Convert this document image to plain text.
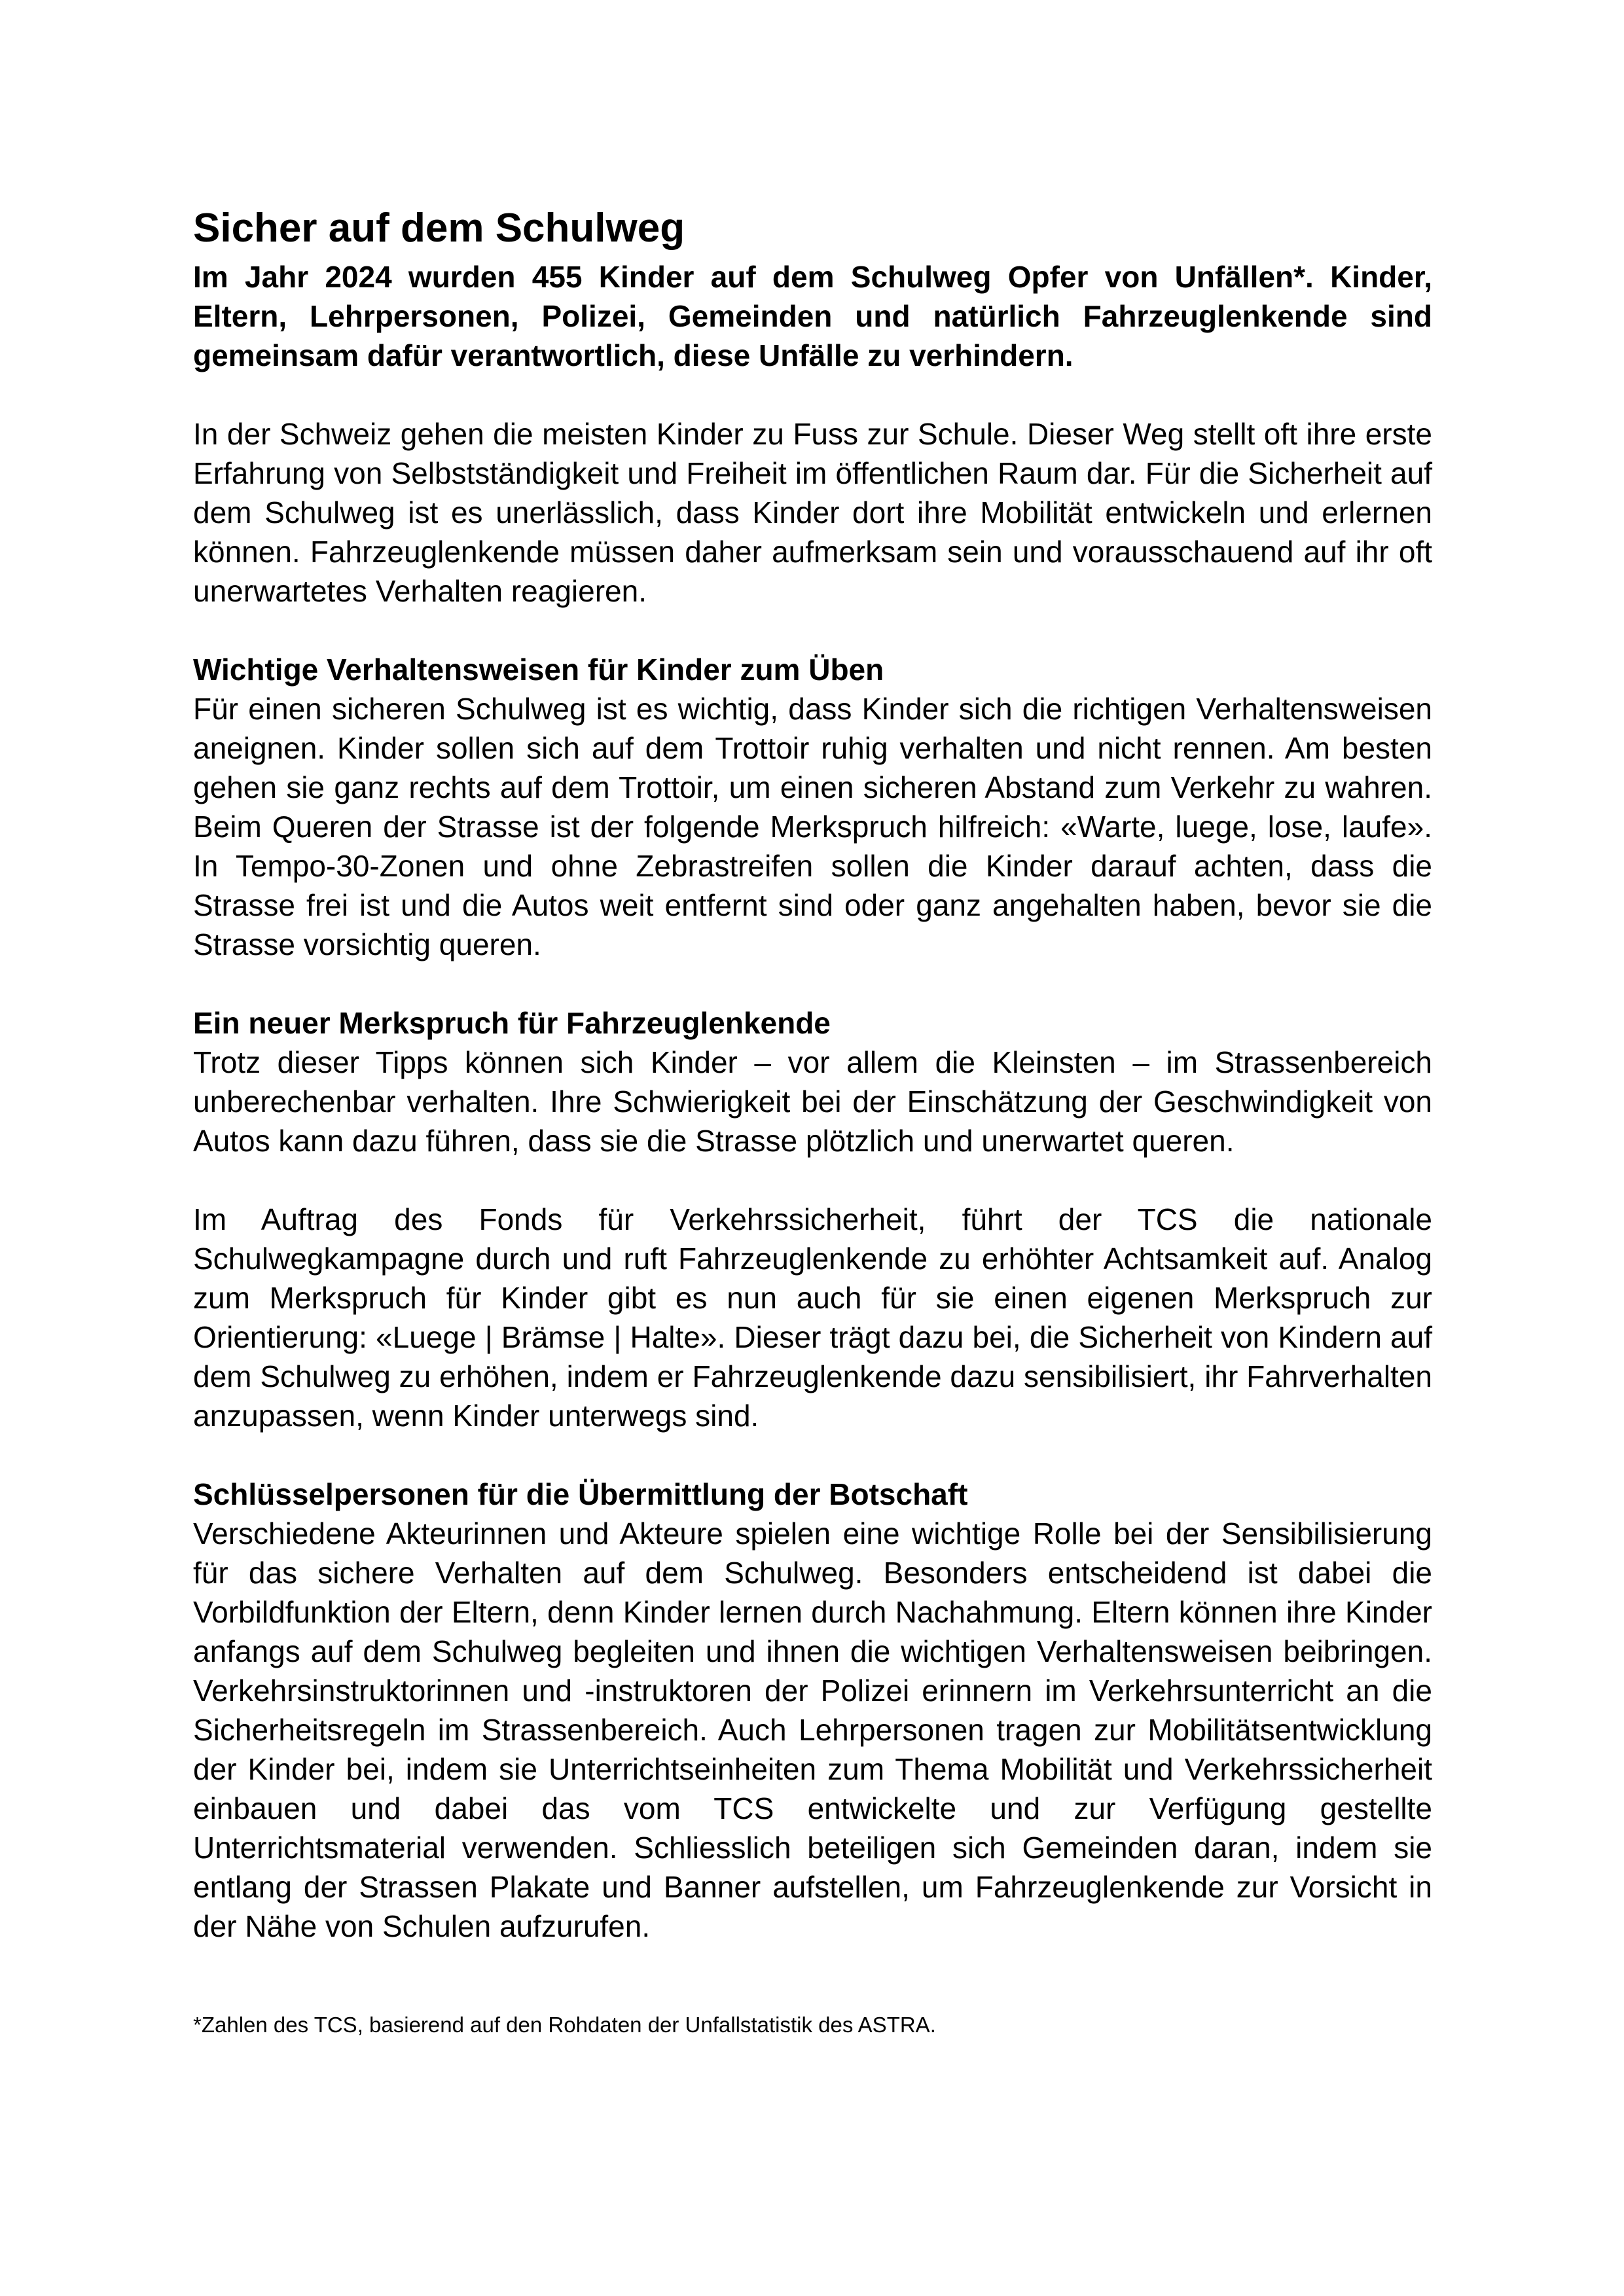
Sicher auf dem Schulweg

Im Jahr 2024 wurden 455 Kinder auf dem Schulweg Opfer von Unfällen*. Kinder, Eltern, Lehrpersonen, Polizei, Gemeinden und natürlich Fahrzeuglenkende sind gemeinsam dafür verantwortlich, diese Unfälle zu verhindern.

In der Schweiz gehen die meisten Kinder zu Fuss zur Schule. Dieser Weg stellt oft ihre erste Erfahrung von Selbstständigkeit und Freiheit im öffentlichen Raum dar. Für die Sicherheit auf dem Schulweg ist es unerlässlich, dass Kinder dort ihre Mobilität entwickeln und erlernen können. Fahrzeuglenkende müssen daher aufmerksam sein und vorausschauend auf ihr oft unerwartetes Verhalten reagieren.

Wichtige Verhaltensweisen für Kinder zum Üben

Für einen sicheren Schulweg ist es wichtig, dass Kinder sich die richtigen Verhaltensweisen aneignen. Kinder sollen sich auf dem Trottoir ruhig verhalten und nicht rennen. Am besten gehen sie ganz rechts auf dem Trottoir, um einen sicheren Abstand zum Verkehr zu wahren. Beim Queren der Strasse ist der folgende Merkspruch hilfreich: «Warte, luege, lose, laufe». In Tempo-30-Zonen und ohne Zebrastreifen sollen die Kinder darauf achten, dass die Strasse frei ist und die Autos weit entfernt sind oder ganz angehalten haben, bevor sie die Strasse vorsichtig queren.

Ein neuer Merkspruch für Fahrzeuglenkende

Trotz dieser Tipps können sich Kinder – vor allem die Kleinsten – im Strassenbereich unberechenbar verhalten. Ihre Schwierigkeit bei der Einschätzung der Geschwindigkeit von Autos kann dazu führen, dass sie die Strasse plötzlich und unerwartet queren.

Im Auftrag des Fonds für Verkehrssicherheit, führt der TCS die nationale Schulwegkampagne durch und ruft Fahrzeuglenkende zu erhöhter Achtsamkeit auf. Analog zum Merkspruch für Kinder gibt es nun auch für sie einen eigenen Merkspruch zur Orientierung: «Luege | Brämse | Halte». Dieser trägt dazu bei, die Sicherheit von Kindern auf dem Schulweg zu erhöhen, indem er Fahrzeuglenkende dazu sensibilisiert, ihr Fahrverhalten anzupassen, wenn Kinder unterwegs sind.

Schlüsselpersonen für die Übermittlung der Botschaft

Verschiedene Akteurinnen und Akteure spielen eine wichtige Rolle bei der Sensibilisierung für das sichere Verhalten auf dem Schulweg. Besonders entscheidend ist dabei die Vorbildfunktion der Eltern, denn Kinder lernen durch Nachahmung. Eltern können ihre Kinder anfangs auf dem Schulweg begleiten und ihnen die wichtigen Verhaltensweisen beibringen. Verkehrsinstruktorinnen und -instruktoren der Polizei erinnern im Verkehrsunterricht an die Sicherheitsregeln im Strassenbereich. Auch Lehrpersonen tragen zur Mobilitätsentwicklung der Kinder bei, indem sie Unterrichtseinheiten zum Thema Mobilität und Verkehrssicherheit einbauen und dabei das vom TCS entwickelte und zur Verfügung gestellte Unterrichtsmaterial verwenden. Schliesslich beteiligen sich Gemeinden daran, indem sie entlang der Strassen Plakate und Banner aufstellen, um Fahrzeuglenkende zur Vorsicht in der Nähe von Schulen aufzurufen.

*Zahlen des TCS, basierend auf den Rohdaten der Unfallstatistik des ASTRA.
